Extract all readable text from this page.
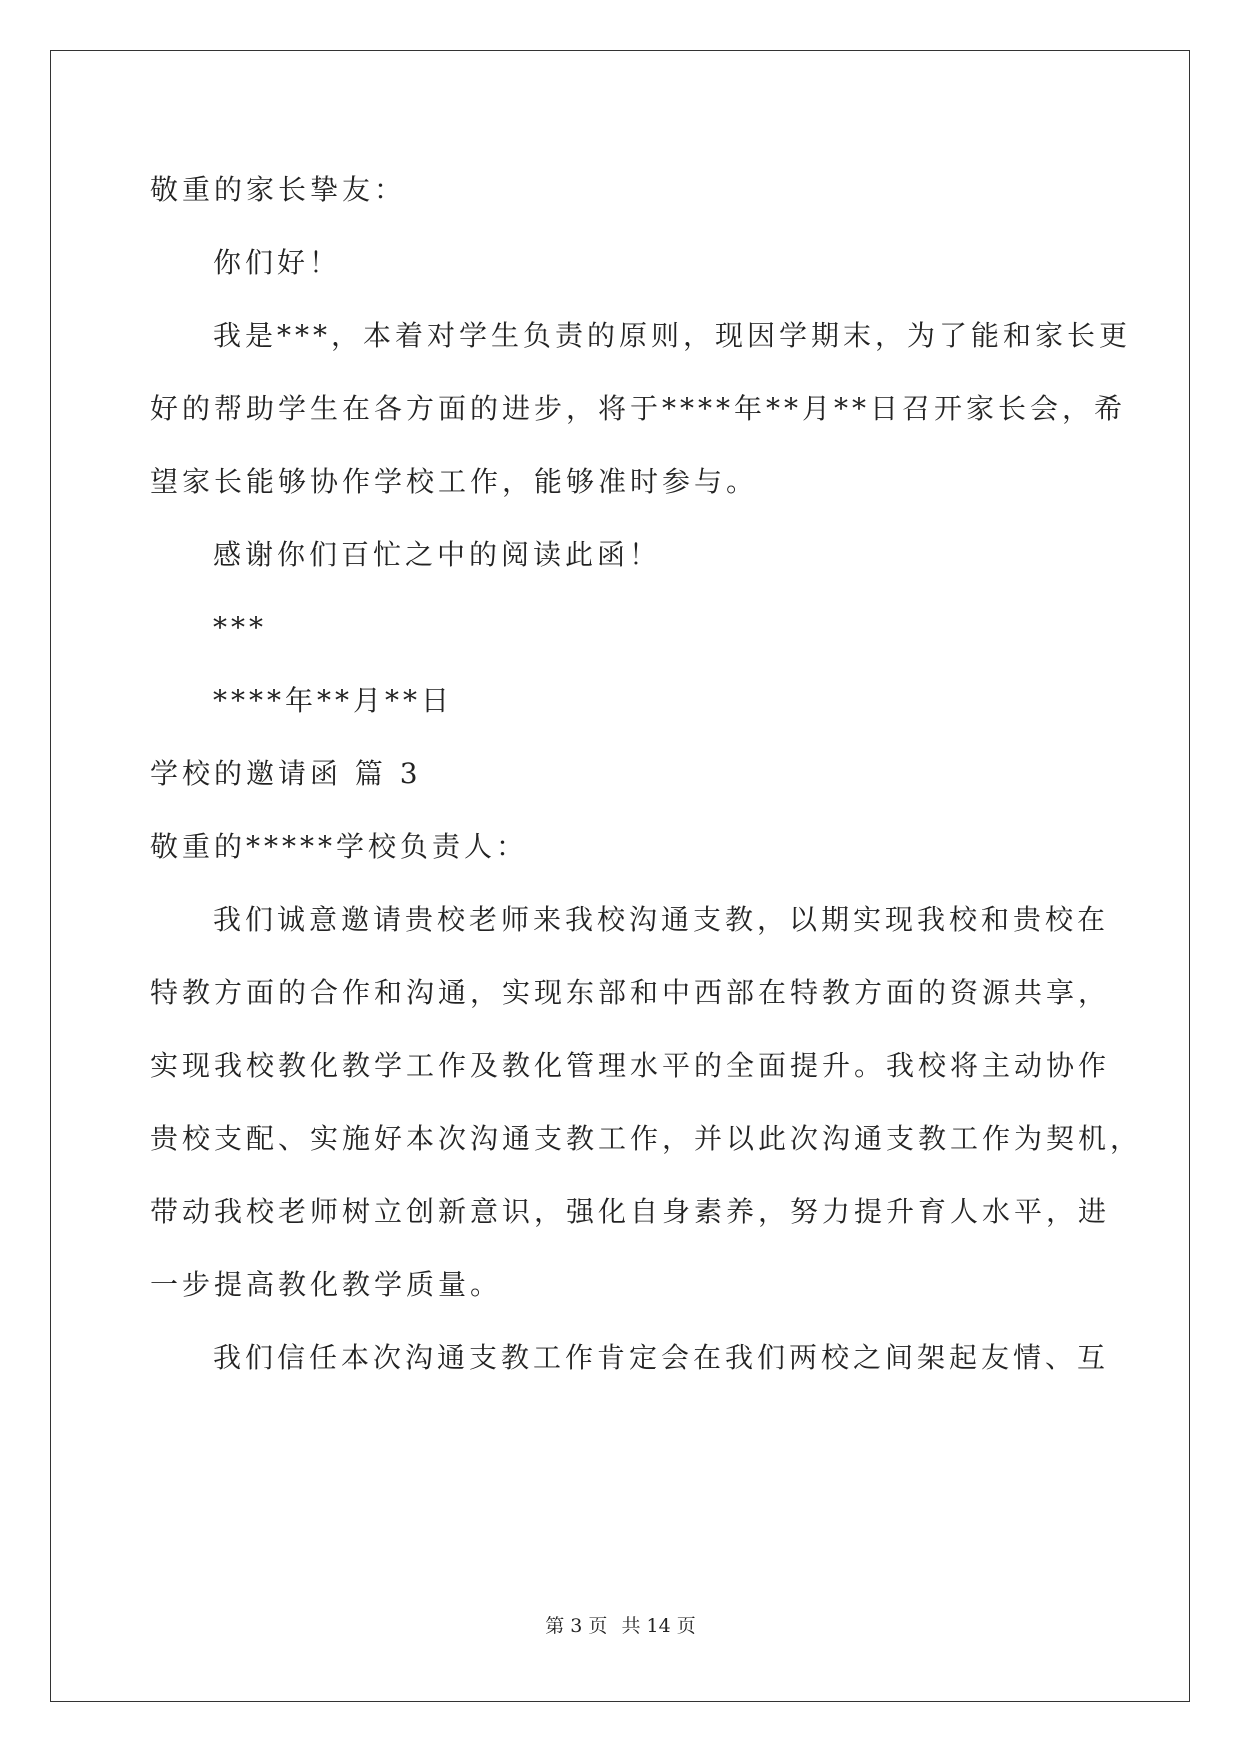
敬重的家长挚友：
你们好！
我是***，本着对学生负责的原则，现因学期末，为了能和家长更
好的帮助学生在各方面的进步，将于****年**月**日召开家长会，希
望家长能够协作学校工作，能够准时参与。
感谢你们百忙之中的阅读此函！
***
****年**月**日
学校的邀请函 篇 3
敬重的*****学校负责人：
我们诚意邀请贵校老师来我校沟通支教，以期实现我校和贵校在
特教方面的合作和沟通，实现东部和中西部在特教方面的资源共享，
实现我校教化教学工作及教化管理水平的全面提升。我校将主动协作
贵校支配、实施好本次沟通支教工作，并以此次沟通支教工作为契机，
带动我校老师树立创新意识，强化自身素养，努力提升育人水平，进
一步提高教化教学质量。
我们信任本次沟通支教工作肯定会在我们两校之间架起友情、互
第 3 页 共 14 页
